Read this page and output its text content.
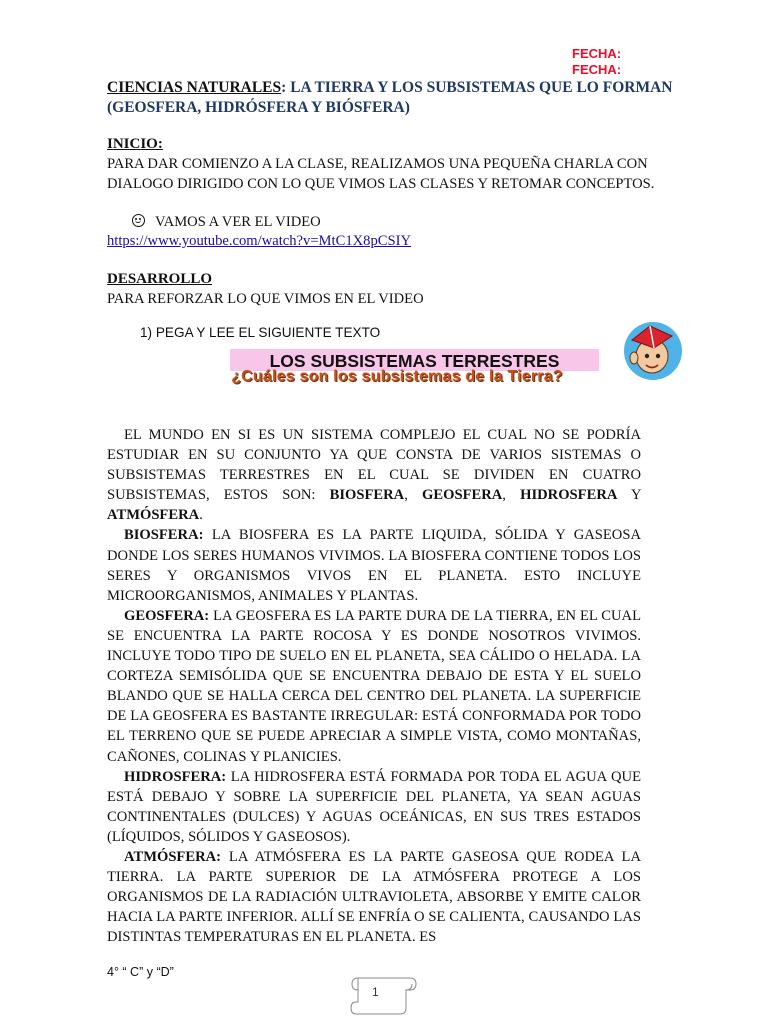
FECHA:
FECHA:
CIENCIAS NATURALES: LA TIERRA Y LOS SUBSISTEMAS QUE LO FORMAN (GEOSFERA, HIDRÓSFERA Y BIÓSFERA)
INICIO:
PARA DAR COMIENZO A LA CLASE, REALIZAMOS UNA PEQUEÑA CHARLA CON DIALOGO DIRIGIDO CON LO QUE VIMOS LAS CLASES Y RETOMAR CONCEPTOS.
VAMOS A VER EL VIDEO
https://www.youtube.com/watch?v=MtC1X8pCSIY
DESARROLLO
PARA REFORZAR LO QUE VIMOS EN EL VIDEO
1) PEGA Y LEE EL SIGUIENTE TEXTO
LOS SUBSISTEMAS TERRESTRES
¿Cuáles son los subsistemas de la Tierra?

EL MUNDO EN SI ES UN SISTEMA COMPLEJO EL CUAL NO SE PODRÍA ESTUDIAR EN SU CONJUNTO YA QUE CONSTA DE VARIOS SISTEMAS O SUBSISTEMAS TERRESTRES EN EL CUAL SE DIVIDEN EN CUATRO SUBSISTEMAS, ESTOS SON: BIOSFERA, GEOSFERA, HIDROSFERA Y ATMÓSFERA.

BIOSFERA: LA BIOSFERA ES LA PARTE LIQUIDA, SÓLIDA Y GASEOSA DONDE LOS SERES HUMANOS VIVIMOS. LA BIOSFERA CONTIENE TODOS LOS SERES Y ORGANISMOS VIVOS EN EL PLANETA. ESTO INCLUYE MICROORGANISMOS, ANIMALES Y PLANTAS.

GEOSFERA: LA GEOSFERA ES LA PARTE DURA DE LA TIERRA, EN EL CUAL SE ENCUENTRA LA PARTE ROCOSA Y ES DONDE NOSOTROS VIVIMOS. INCLUYE TODO TIPO DE SUELO EN EL PLANETA, SEA CÁLIDO O HELADA. LA CORTEZA SEMISÓLIDA QUE SE ENCUENTRA DEBAJO DE ESTA Y EL SUELO BLANDO QUE SE HALLA CERCA DEL CENTRO DEL PLANETA. LA SUPERFICIE DE LA GEOSFERA ES BASTANTE IRREGULAR: ESTÁ CONFORMADA POR TODO EL TERRENO QUE SE PUEDE APRECIAR A SIMPLE VISTA, COMO MONTAÑAS, CAÑONES, COLINAS Y PLANICIES.

HIDROSFERA: LA HIDROSFERA ESTÁ FORMADA POR TODA EL AGUA QUE ESTÁ DEBAJO Y SOBRE LA SUPERFICIE DEL PLANETA, YA SEAN AGUAS CONTINENTALES (DULCES) Y AGUAS OCEÁNICAS, EN SUS TRES ESTADOS (LÍQUIDOS, SÓLIDOS Y GASEOSOS).

ATMÓSFERA: LA ATMÓSFERA ES LA PARTE GASEOSA QUE RODEA LA TIERRA. LA PARTE SUPERIOR DE LA ATMÓSFERA PROTEGE A LOS ORGANISMOS DE LA RADIACIÓN ULTRAVIOLETA, ABSORBE Y EMITE CALOR HACIA LA PARTE INFERIOR. ALLÍ SE ENFRÍA O SE CALIENTA, CAUSANDO LAS DISTINTAS TEMPERATURAS EN EL PLANETA. ES

4° “ C” y “D”
1
